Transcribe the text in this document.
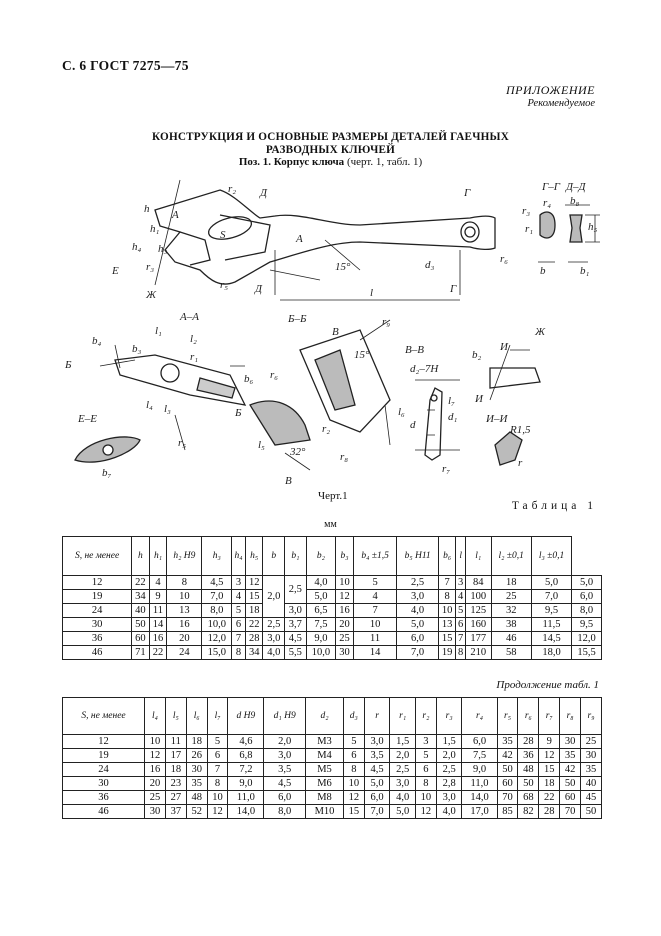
С. 6 ГОСТ 7275—75
ПРИЛОЖЕНИЕ
Рекомендуемое
КОНСТРУКЦИЯ И ОСНОВНЫЕ РАЗМЕРЫ ДЕТАЛЕЙ ГАЕЧНЫХ
РАЗВОДНЫХ КЛЮЧЕЙ
Поз. 1. Корпус ключа (черт. 1, табл. 1)
r₂ Д	Г
h А
h₁	S
h₄ h₃
Е r₃
r₅
А
15°	d₃	r₆
l
Д	Г
Ж
Г–Г Д–Д
r₄ b₈
r₃
r₁	h₅
b	b₁
А–А
l₁
b₄
b₃
l₂
r₁
Б
b₆
l₄ l₃	Б
r₅
Е–Е
b₇
Б–Б
В
r₉
15°
r₆
r₂
l₅
32°	r₈
В
В–В
d₂–7Н
l₆
l₇
d₁
d
r₇
Ж
b₂
И
И
И–И
R1,5
r
Черт.1
Таблица 1
мм
S, не менее	h	h₁	h₂ H9	h₃	h₄	h₅	b	b₁	b₂	b₃	b₄ ±1,5	b₅ H11	b₆	l	l₁	l₂ ±0,1	l₃ ±0,1	
12	22	4	8	4,5	3	12	2,0	2,5	4,0	10	5	2,5	7	3	84	18	5,0	5,0
19	34	9	10	7,0	4	15			5,0	12	4	3,0	8	4	100	25	7,0	6,0
24	40	11	13	8,0	5	18		3,0	6,5	16	7	4,0	10	5	125	32	9,5	8,0
30	50	14	16	10,0	6	22	2,5	3,7	7,5	20	10	5,0	13	6	160	38	11,5	9,5
36	60	16	20	12,0	7	28	3,0	4,5	9,0	25	11	6,0	15	7	177	46	14,5	12,0
46	71	22	24	15,0	8	34	4,0	5,5	10,0	30	14	7,0	19	8	210	58	18,0	15,5
Продолжение табл. 1
S, не менее	l₄	l₅	l₆	l₇	d H9	d₁ H9	d₂	d₃	r	r₁	r₂	r₃	r₄	r₅	r₆	r₇	r₈	r₉
12	10	11	18	5	4,6	2,0	М3	5	3,0	1,5	3	1,5	6,0	35	28	9	30	25
19	12	17	26	6	6,8	3,0	М4	6	3,5	2,0	5	2,0	7,5	42	36	12	35	30
24	16	18	30	7	7,2	3,5	М5	8	4,5	2,5	6	2,5	9,0	50	48	15	42	35
30	20	23	35	8	9,0	4,5	М6	10	5,0	3,0	8	2,8	11,0	60	50	18	50	40
36	25	27	48	10	11,0	6,0	М8	12	6,0	4,0	10	3,0	14,0	70	68	22	60	45
46	30	37	52	12	14,0	8,0	М10	15	7,0	5,0	12	4,0	17,0	85	82	28	70	50
